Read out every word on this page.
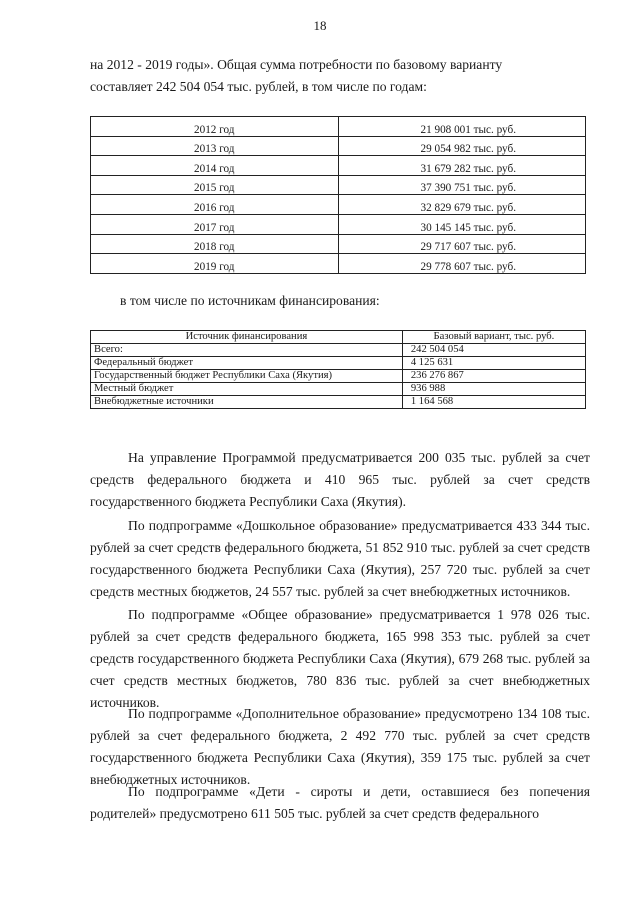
18

на 2012 - 2019 годы». Общая сумма потребности по базовому варианту

составляет 242 504 054 тыс. рублей, в том числе по годам:

2012 год	21 908 001 тыс. руб.
2013 год	29 054 982 тыс. руб.
2014 год	31 679 282 тыс. руб.
2015 год	37 390 751 тыс. руб.
2016 год	32 829 679 тыс. руб.
2017 год	30 145 145 тыс. руб.
2018 год	29 717 607 тыс. руб.
2019 год	29 778 607 тыс. руб.

в том числе по источникам финансирования:

Источник финансирования	Базовый вариант, тыс. руб.
Всего:	242 504 054
Федеральный бюджет	4 125 631
Государственный бюджет Республики Саха (Якутия)	236 276 867
Местный бюджет	936 988
Внебюджетные источники	1 164 568

На управление Программой предусматривается 200 035 тыс. рублей за счет средств федерального бюджета и 410 965 тыс. рублей за счет средств государственного бюджета Республики Саха (Якутия).

По подпрограмме «Дошкольное образование» предусматривается 433 344 тыс. рублей за счет средств федерального бюджета, 51 852 910 тыс. рублей за счет средств государственного бюджета Республики Саха (Якутия), 257 720 тыс. рублей за счет средств местных бюджетов, 24 557 тыс. рублей за счет внебюджетных источников.

По подпрограмме «Общее образование» предусматривается 1 978 026 тыс. рублей за счет средств федерального бюджета, 165 998 353 тыс. рублей за счет средств государственного бюджета Республики Саха (Якутия), 679 268 тыс. рублей за счет средств местных бюджетов, 780 836 тыс. рублей за счет внебюджетных источников.

По подпрограмме «Дополнительное образование» предусмотрено 134 108 тыс. рублей за счет федерального бюджета, 2 492 770 тыс. рублей за счет средств государственного бюджета Республики Саха (Якутия), 359 175 тыс. рублей за счет внебюджетных источников.

По подпрограмме «Дети - сироты и дети, оставшиеся без попечения родителей» предусмотрено 611 505 тыс. рублей за счет средств федерального
